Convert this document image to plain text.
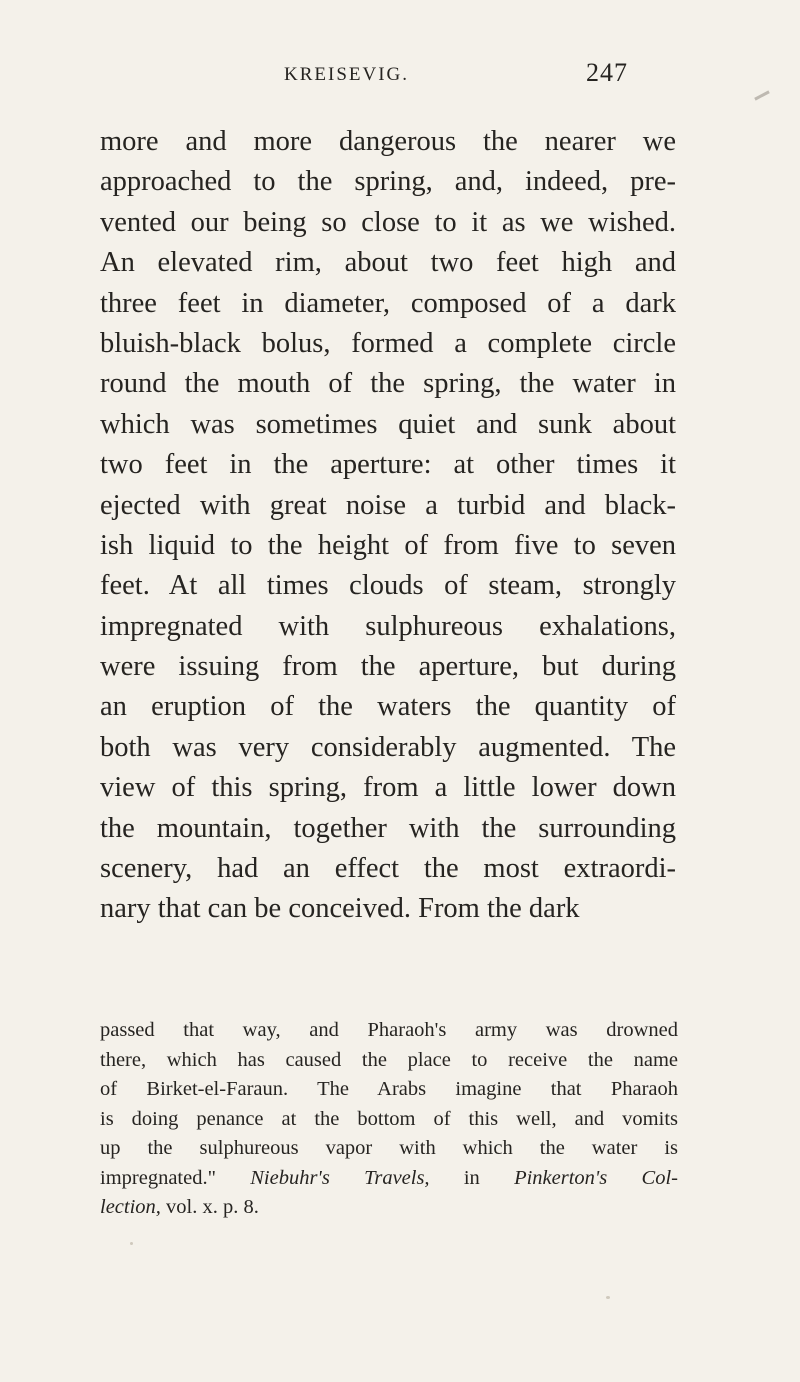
KREISEVIG.	247
more and more dangerous the nearer we
approached to the spring, and, indeed, pre-
vented our being so close to it as we wished.
An elevated rim, about two feet high and
three feet in diameter, composed of a dark
bluish-black bolus, formed a complete circle
round the mouth of the spring, the water in
which was sometimes quiet and sunk about
two feet in the aperture: at other times it
ejected with great noise a turbid and black-
ish liquid to the height of from five to seven
feet. At all times clouds of steam, strongly
impregnated with sulphureous exhalations,
were issuing from the aperture, but during
an eruption of the waters the quantity of
both was very considerably augmented. The
view of this spring, from a little lower down
the mountain, together with the surrounding
scenery, had an effect the most extraordi-
nary that can be conceived. From the dark
passed that way, and Pharaoh's army was drowned
there, which has caused the place to receive the name
of Birket-el-Faraun. The Arabs imagine that Pharaoh
is doing penance at the bottom of this well, and vomits
up the sulphureous vapor with which the water is
impregnated." Niebuhr's Travels, in Pinkerton's Col-
lection, vol. x. p. 8.
